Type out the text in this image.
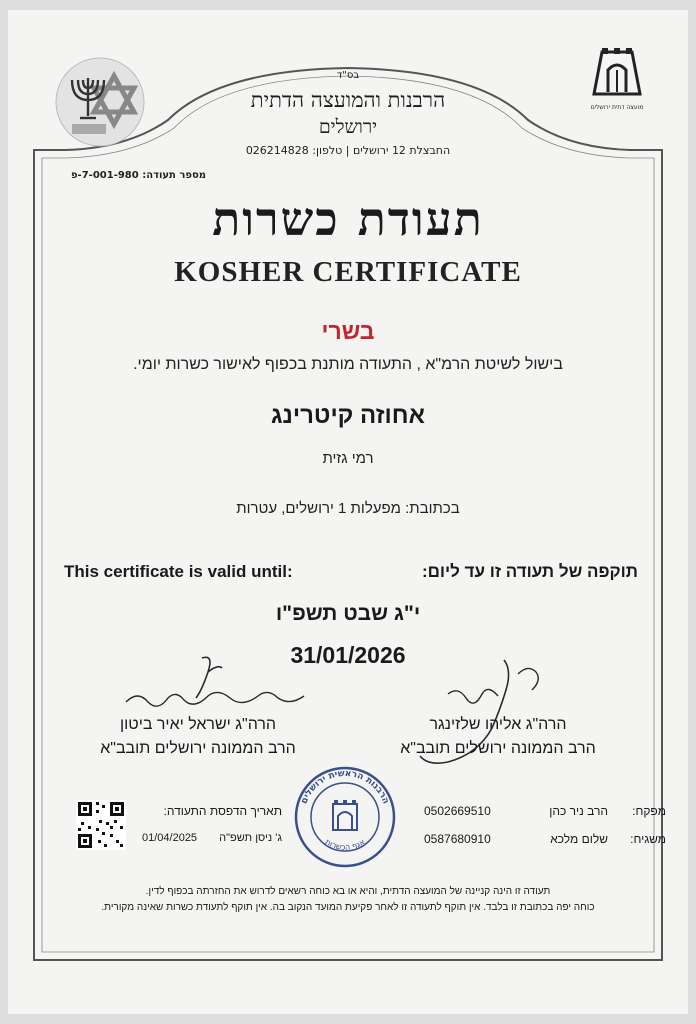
מועצה דתית ירושלים
בס"ד
הרבנות והמועצה הדתית
ירושלים
החבצלת 12 ירושלים | טלפון: 026214828
מספר תעודה: 7-001-980-פ
תעודת כשרות
KOSHER CERTIFICATE
בשרי
בישול לשיטת הרמ"א , התעודה מותנת בכפוף לאישור כשרות יומי.
אחוזה קיטרינג
רמי גזית
בכתובת: מפעלות 1 ירושלים, עטרות
This certificate is valid until:	תוקפה של תעודה זו עד ליום:
י"ג שבט תשפ"ו
31/01/2026
הרה"ג ישראל יאיר ביטון
הרב הממונה ירושלים תובב"א
הרה"ג אליהו שלזינגר
הרב הממונה ירושלים תובב"א
הרבנות הראשית ירושלים
אגף הכשרות
תאריך הדפסת התעודה:
ג' ניסן תשפ"ה
01/04/2025
מפקח:
הרב ניר כהן
0502669510
משגיח:
שלום מלכא
0587680910
תעודה זו הינה קניינה של המועצה הדתית, והיא או בא כוחה רשאים לדרוש את החזרתה בכפוף לדין.
כוחה יפה בכתובת זו בלבד. אין תוקף לתעודה זו לאחר פקיעת המועד הנקוב בה. אין תוקף לתעודת כשרות שאינה מקורית.
